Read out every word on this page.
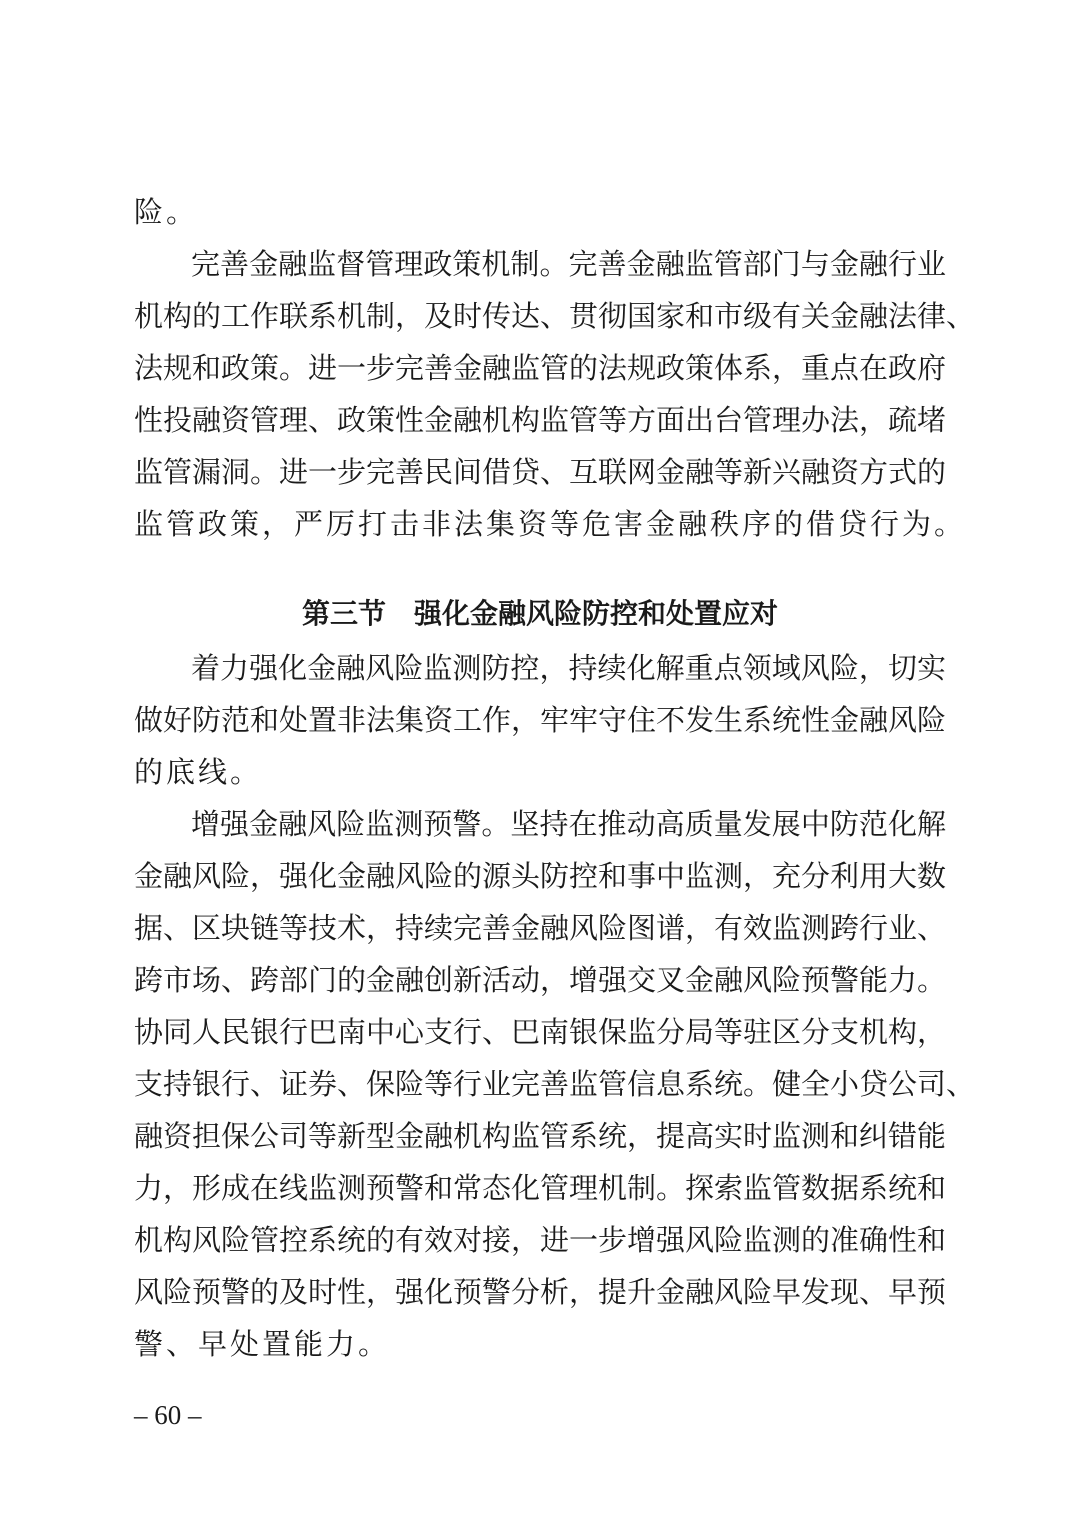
险。
完善金融监督管理政策机制。完善金融监管部门与金融行业
机构的工作联系机制，及时传达、贯彻国家和市级有关金融法律、
法规和政策。进一步完善金融监管的法规政策体系，重点在政府
性投融资管理、政策性金融机构监管等方面出台管理办法，疏堵
监管漏洞。进一步完善民间借贷、互联网金融等新兴融资方式的
监管政策，严厉打击非法集资等危害金融秩序的借贷行为。
第三节　强化金融风险防控和处置应对
着力强化金融风险监测防控，持续化解重点领域风险，切实
做好防范和处置非法集资工作，牢牢守住不发生系统性金融风险
的底线。
增强金融风险监测预警。坚持在推动高质量发展中防范化解
金融风险，强化金融风险的源头防控和事中监测，充分利用大数
据、区块链等技术，持续完善金融风险图谱，有效监测跨行业、
跨市场、跨部门的金融创新活动，增强交叉金融风险预警能力。
协同人民银行巴南中心支行、巴南银保监分局等驻区分支机构，
支持银行、证券、保险等行业完善监管信息系统。健全小贷公司、
融资担保公司等新型金融机构监管系统，提高实时监测和纠错能
力，形成在线监测预警和常态化管理机制。探索监管数据系统和
机构风险管控系统的有效对接，进一步增强风险监测的准确性和
风险预警的及时性，强化预警分析，提升金融风险早发现、早预
警、早处置能力。
– 60 –
